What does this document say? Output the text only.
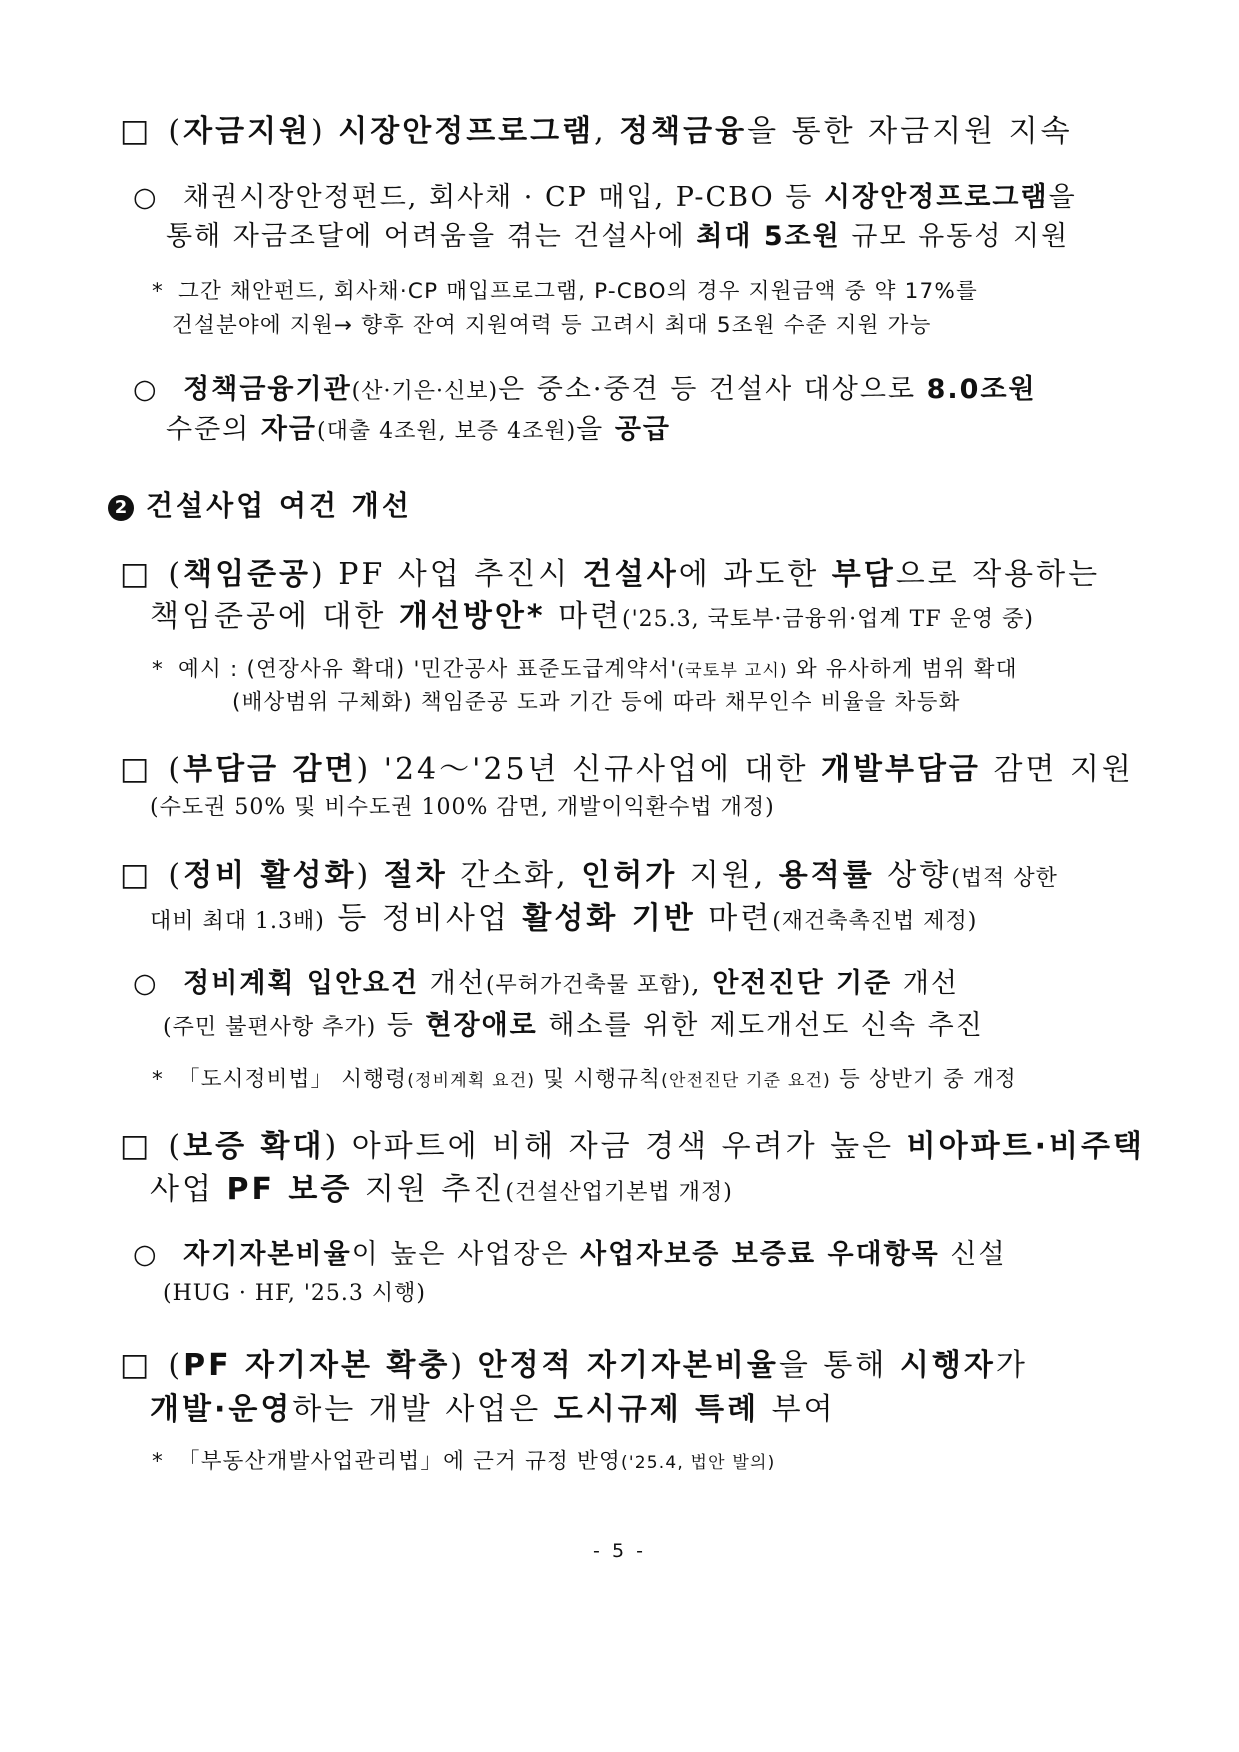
□ (자금지원) 시장안정프로그램, 정책금융을 통한 자금지원 지속
○ 채권시장안정펀드, 회사채 · CP 매입, P-CBO 등 시장안정프로그램을
통해 자금조달에 어려움을 겪는 건설사에 최대 5조원 규모 유동성 지원
* 그간 채안펀드, 회사채·CP 매입프로그램, P-CBO의 경우 지원금액 중 약 17%를
건설분야에 지원→ 향후 잔여 지원여력 등 고려시 최대 5조원 수준 지원 가능
○ 정책금융기관(산·기은·신보)은 중소·중견 등 건설사 대상으로 8.0조원
수준의 자금(대출 4조원, 보증 4조원)을 공급
2 건설사업 여건 개선
□ (책임준공) PF 사업 추진시 건설사에 과도한 부담으로 작용하는
책임준공에 대한 개선방안* 마련('25.3, 국토부·금융위·업계 TF 운영 중)
* 예시 : (연장사유 확대) '민간공사 표준도급계약서'(국토부 고시) 와 유사하게 범위 확대
(배상범위 구체화) 책임준공 도과 기간 등에 따라 채무인수 비율을 차등화
□ (부담금 감면) '24～'25년 신규사업에 대한 개발부담금 감면 지원
(수도권 50% 및 비수도권 100% 감면, 개발이익환수법 개정)
□ (정비 활성화) 절차 간소화, 인허가 지원, 용적률 상향(법적 상한
대비 최대 1.3배) 등 정비사업 활성화 기반 마련(재건축촉진법 제정)
○ 정비계획 입안요건 개선(무허가건축물 포함), 안전진단 기준 개선
(주민 불편사항 추가) 등 현장애로 해소를 위한 제도개선도 신속 추진
* 「도시정비법」 시행령(정비계획 요건) 및 시행규칙(안전진단 기준 요건) 등 상반기 중 개정
□ (보증 확대) 아파트에 비해 자금 경색 우려가 높은 비아파트·비주택
사업 PF 보증 지원 추진(건설산업기본법 개정)
○ 자기자본비율이 높은 사업장은 사업자보증 보증료 우대항목 신설
(HUG · HF, '25.3 시행)
□ (PF 자기자본 확충) 안정적 자기자본비율을 통해 시행자가
개발·운영하는 개발 사업은 도시규제 특례 부여
* 「부동산개발사업관리법」에 근거 규정 반영('25.4, 법안 발의)
- 5 -
